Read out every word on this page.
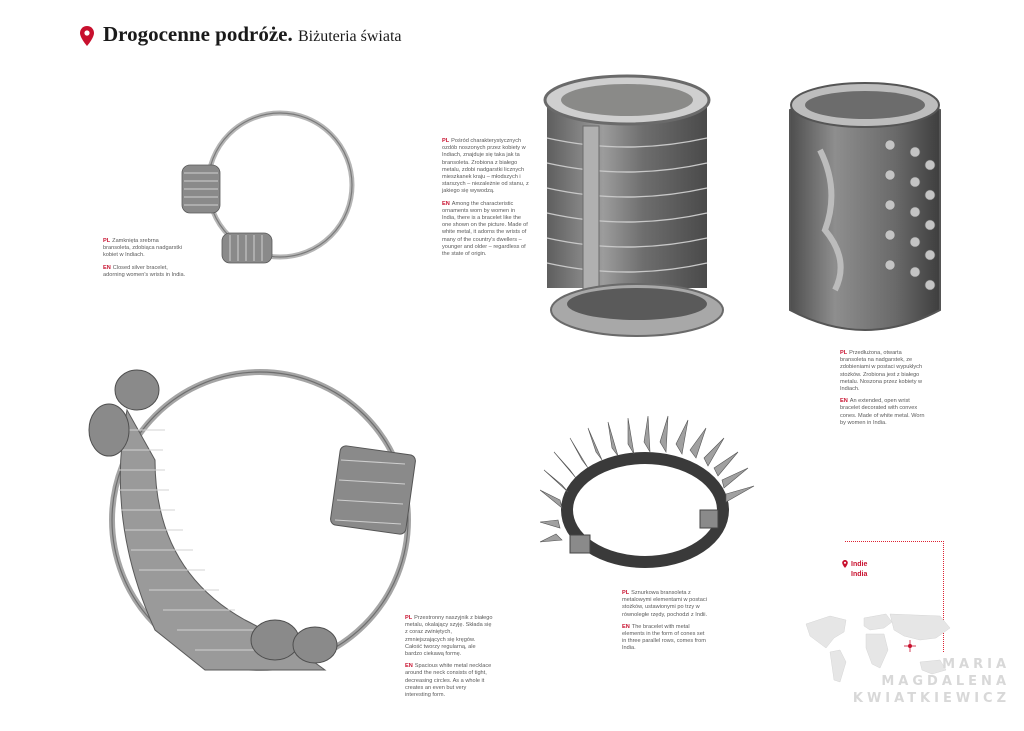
Drogocenne podróże. Biżuteria świata

PL Zamknięta srebrna bransoleta, zdobiąca nadgarstki kobiet w Indiach.

EN Closed silver bracelet, adorning women's wrists in India.

PL Pośród charakterystycznych ozdób noszonych przez kobiety w Indiach, znajduje się taka jak ta bransoleta. Zrobiona z białego metalu, zdobi nadgarstki licznych mieszkanek kraju – młodszych i starszych – niezależnie od stanu, z jakiego się wywodzą.

EN Among the characteristic ornaments worn by women in India, there is a bracelet like the one shown on the picture. Made of white metal, it adorns the wrists of many of the country's dwellers – younger and older – regardless of the state of origin.

PL Przedłużona, otwarta bransoleta na nadgarstek, ze zdobieniami w postaci wypukłych stożków. Zrobiona jest z białego metalu. Noszona przez kobiety w Indiach.

EN An extended, open wrist bracelet decorated with convex cones. Made of white metal. Worn by women in India.

PL Przestronny naszyjnik z białego metalu, okalający szyję. Składa się z coraz zwiniętych, zmniejszających się kręgów. Całość tworzy regularną, ale bardzo ciekawą formę.

EN Spacious white metal necklace around the neck consists of tight, decreasing circles. As a whole it creates an even but very interesting form.

PL Sznurkowa bransoleta z metalowymi elementami w postaci stożków, ustawionymi po trzy w równoległe rzędy, pochodzi z Indii.

EN The bracelet with metal elements in the form of cones set in three parallel rows, comes from India.

Indie
India
MARIA
MAGDALENA
KWIATKIEWICZ
